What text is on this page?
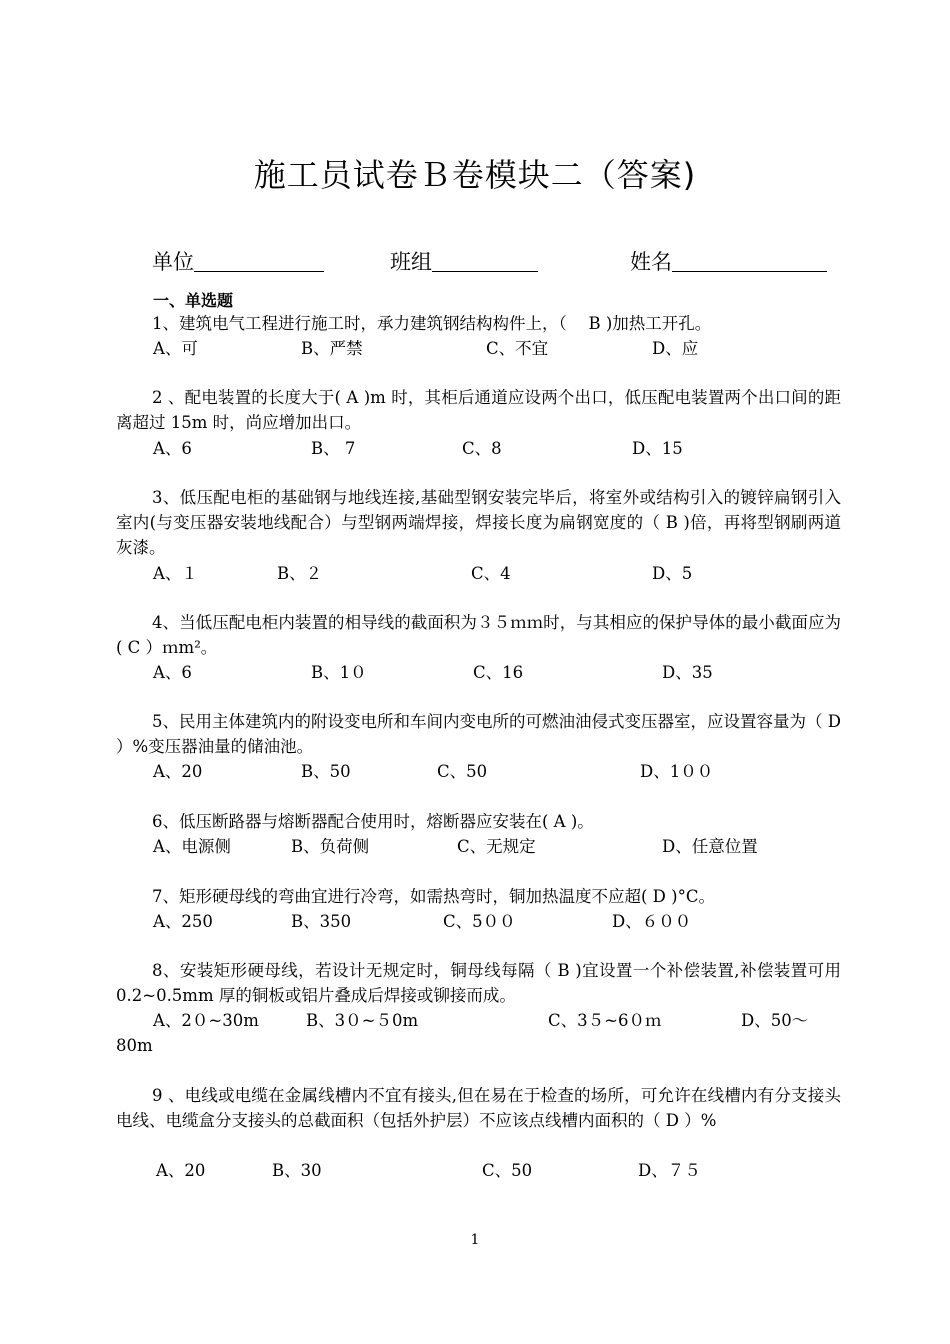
施工员试卷Ｂ卷模块二（答案)
单位	班组	姓名
一、单选题
1、建筑电气工程进行施工时，承力建筑钢结构构件上，（　 B )加热工开孔。
A、可	B、严禁	C、不宜	D、应
2 、配电装置的长度大于( A )m 时，其柜后通道应设两个出口，低压配电装置两个出口间的距离超过 15m 时，尚应增加出口。
A、6	B、 7	C、8	D、15
3、低压配电柜的基础钢与地线连接,基础型钢安装完毕后，将室外或结构引入的镀锌扁钢引入室内(与变压器安装地线配合）与型钢两端焊接，焊接长度为扁钢宽度的（ B )倍，再将型钢刷两道灰漆。
A、１	B、２	C、4	D、5
4、当低压配电柜内装置的相导线的截面积为３５ｍｍ时，与其相应的保护导体的最小截面应为( C ）ｍm²。
A、6	B、1０	C、16	D、35
5、民用主体建筑内的附设变电所和车间内变电所的可燃油油侵式变压器室，应设置容量为（ D ）%变压器油量的储油池。
A、20	B、50	C、50	D、1００
6、低压断路器与熔断器配合使用时，熔断器应安装在( A )。
A、电源侧	B、负荷侧	C、无规定	D、任意位置
7、矩形硬母线的弯曲宜进行冷弯，如需热弯时，铜加热温度不应超( D )°C。
A、250	B、350	C、5００	D、６００
8、安装矩形硬母线，若设计无规定时，铜母线每隔（ B )宜设置一个补偿装置,补偿装置可用 0.2~0.5mm 厚的铜板或铝片叠成后焊接或铆接而成。
A、2０~30m	B、3０~５0m	C、3５~6０ｍ	D、50～
80m
9 、电线或电缆在金属线槽内不宜有接头,但在易在于检查的场所，可允许在线槽内有分支接头电线、电缆盒分支接头的总截面积（包括外护层）不应该点线槽内面积的（ D ）%
A、20	B、30	C、50	D、７５
1
